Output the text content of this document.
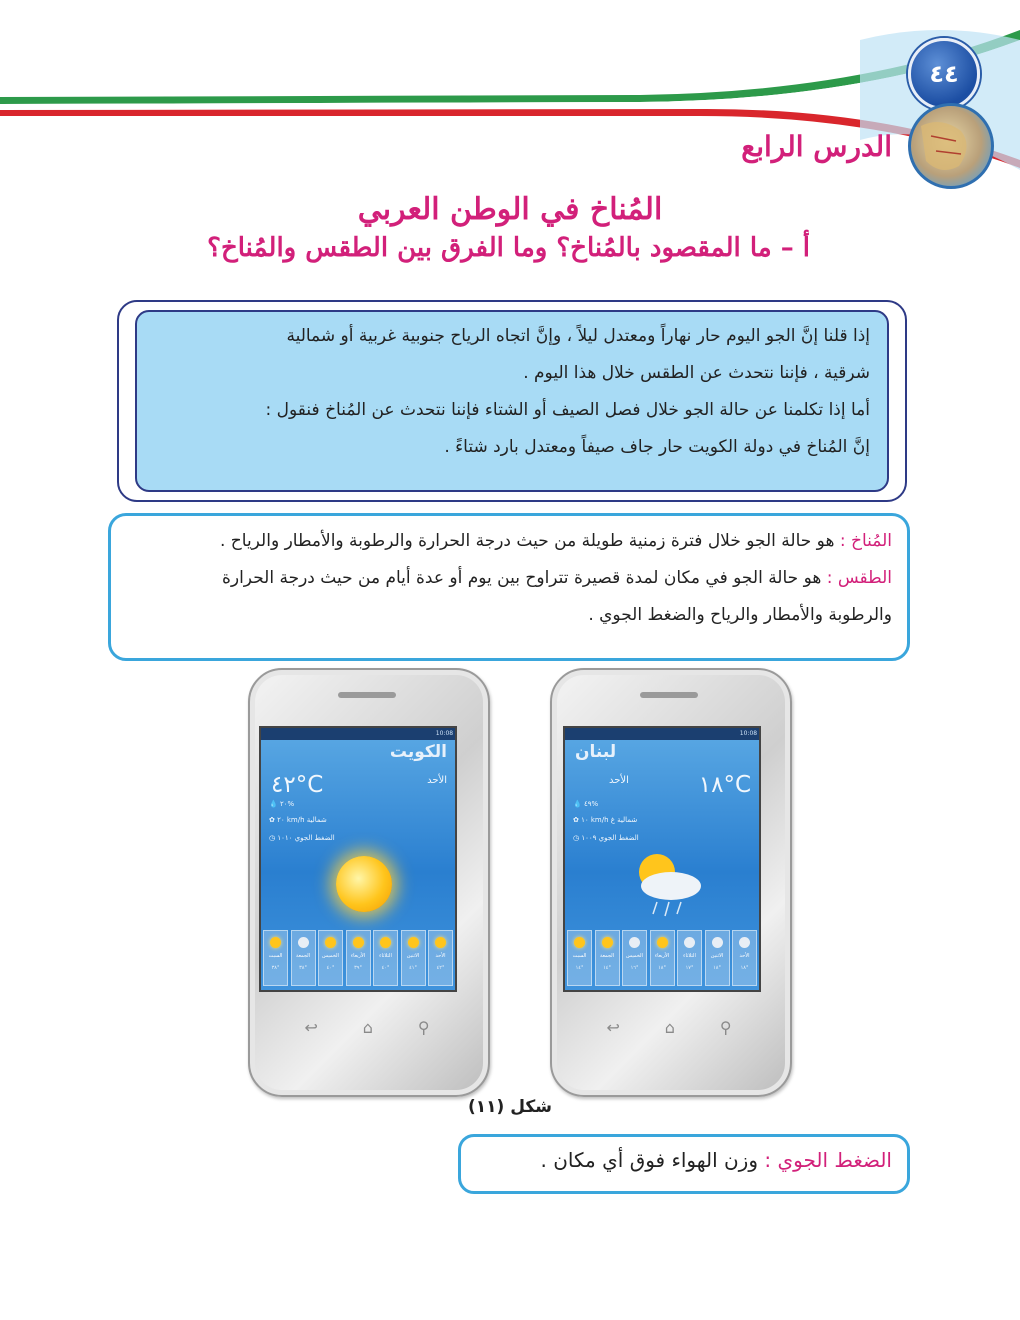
٤٤
الدرس الرابع
المُناخ في الوطن العربي
أ – ما المقصود بالمُناخ؟ وما الفرق بين الطقس والمُناخ؟
إذا قلنا إنَّ الجو اليوم حار نهاراً ومعتدل ليلاً ، وإنَّ اتجاه الرياح جنوبية غربية أو شمالية
شرقية ، فإننا نتحدث عن الطقس خلال هذا اليوم .
أما إذا تكلمنا عن حالة الجو خلال فصل الصيف أو الشتاء فإننا نتحدث عن المُناخ فنقول :
إنَّ المُناخ في دولة الكويت حار جاف صيفاً ومعتدل بارد شتاءً .
المُناخ : هو حالة الجو خلال فترة زمنية طويلة من حيث درجة الحرارة والرطوبة والأمطار والرياح .
الطقس : هو حالة الجو في مكان لمدة قصيرة تتراوح بين يوم أو عدة أيام من حيث درجة الحرارة
والرطوبة والأمطار والرياح والضغط الجوي .
10:08
الكويت
٤٢°C	الأحد
💧 ٢٠%
✿ ٢٠ km/h شمالية
◷ الضغط الجوي ١٠١٠
السبت
٣٨°
الجمعة
٣٨°
الخميس
٤٠°
الأربعاء
٣٩°
الثلاثاء
٤٠°
الاثنين
٤١°
الأحد
٤٢°
↩	⌂	⚲
10:08
لبنان
١٨°C
الأحد
💧 ٤٩%
✿ ١٠ km/h شمالية غ
◷ الضغط الجوي ١٠٠٩
السبت
١٤°
الجمعة
١٤°
الخميس
١٦°
الأربعاء
١٨°
الثلاثاء
١٧°
الاثنين
١٨°
الأحد
١٨°
↩	⌂	⚲
شكل (١١)
الضغط الجوي : وزن الهواء فوق أي مكان .
